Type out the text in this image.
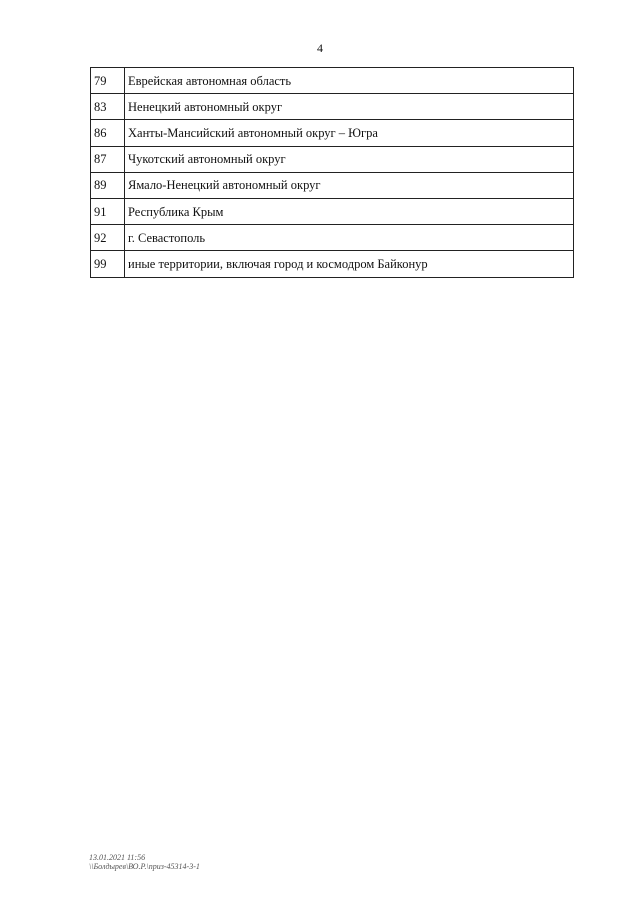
4
79	Еврейская автономная область
83	Ненецкий автономный округ
86	Ханты-Мансийский автономный округ – Югра
87	Чукотский автономный округ
89	Ямало-Ненецкий автономный округ
91	Республика Крым
92	г. Севастополь
99	иные территории, включая город и космодром Байконур
13.01.2021 11:56
\\Болдырев\ВО.Р.\приз-45314-3-1
